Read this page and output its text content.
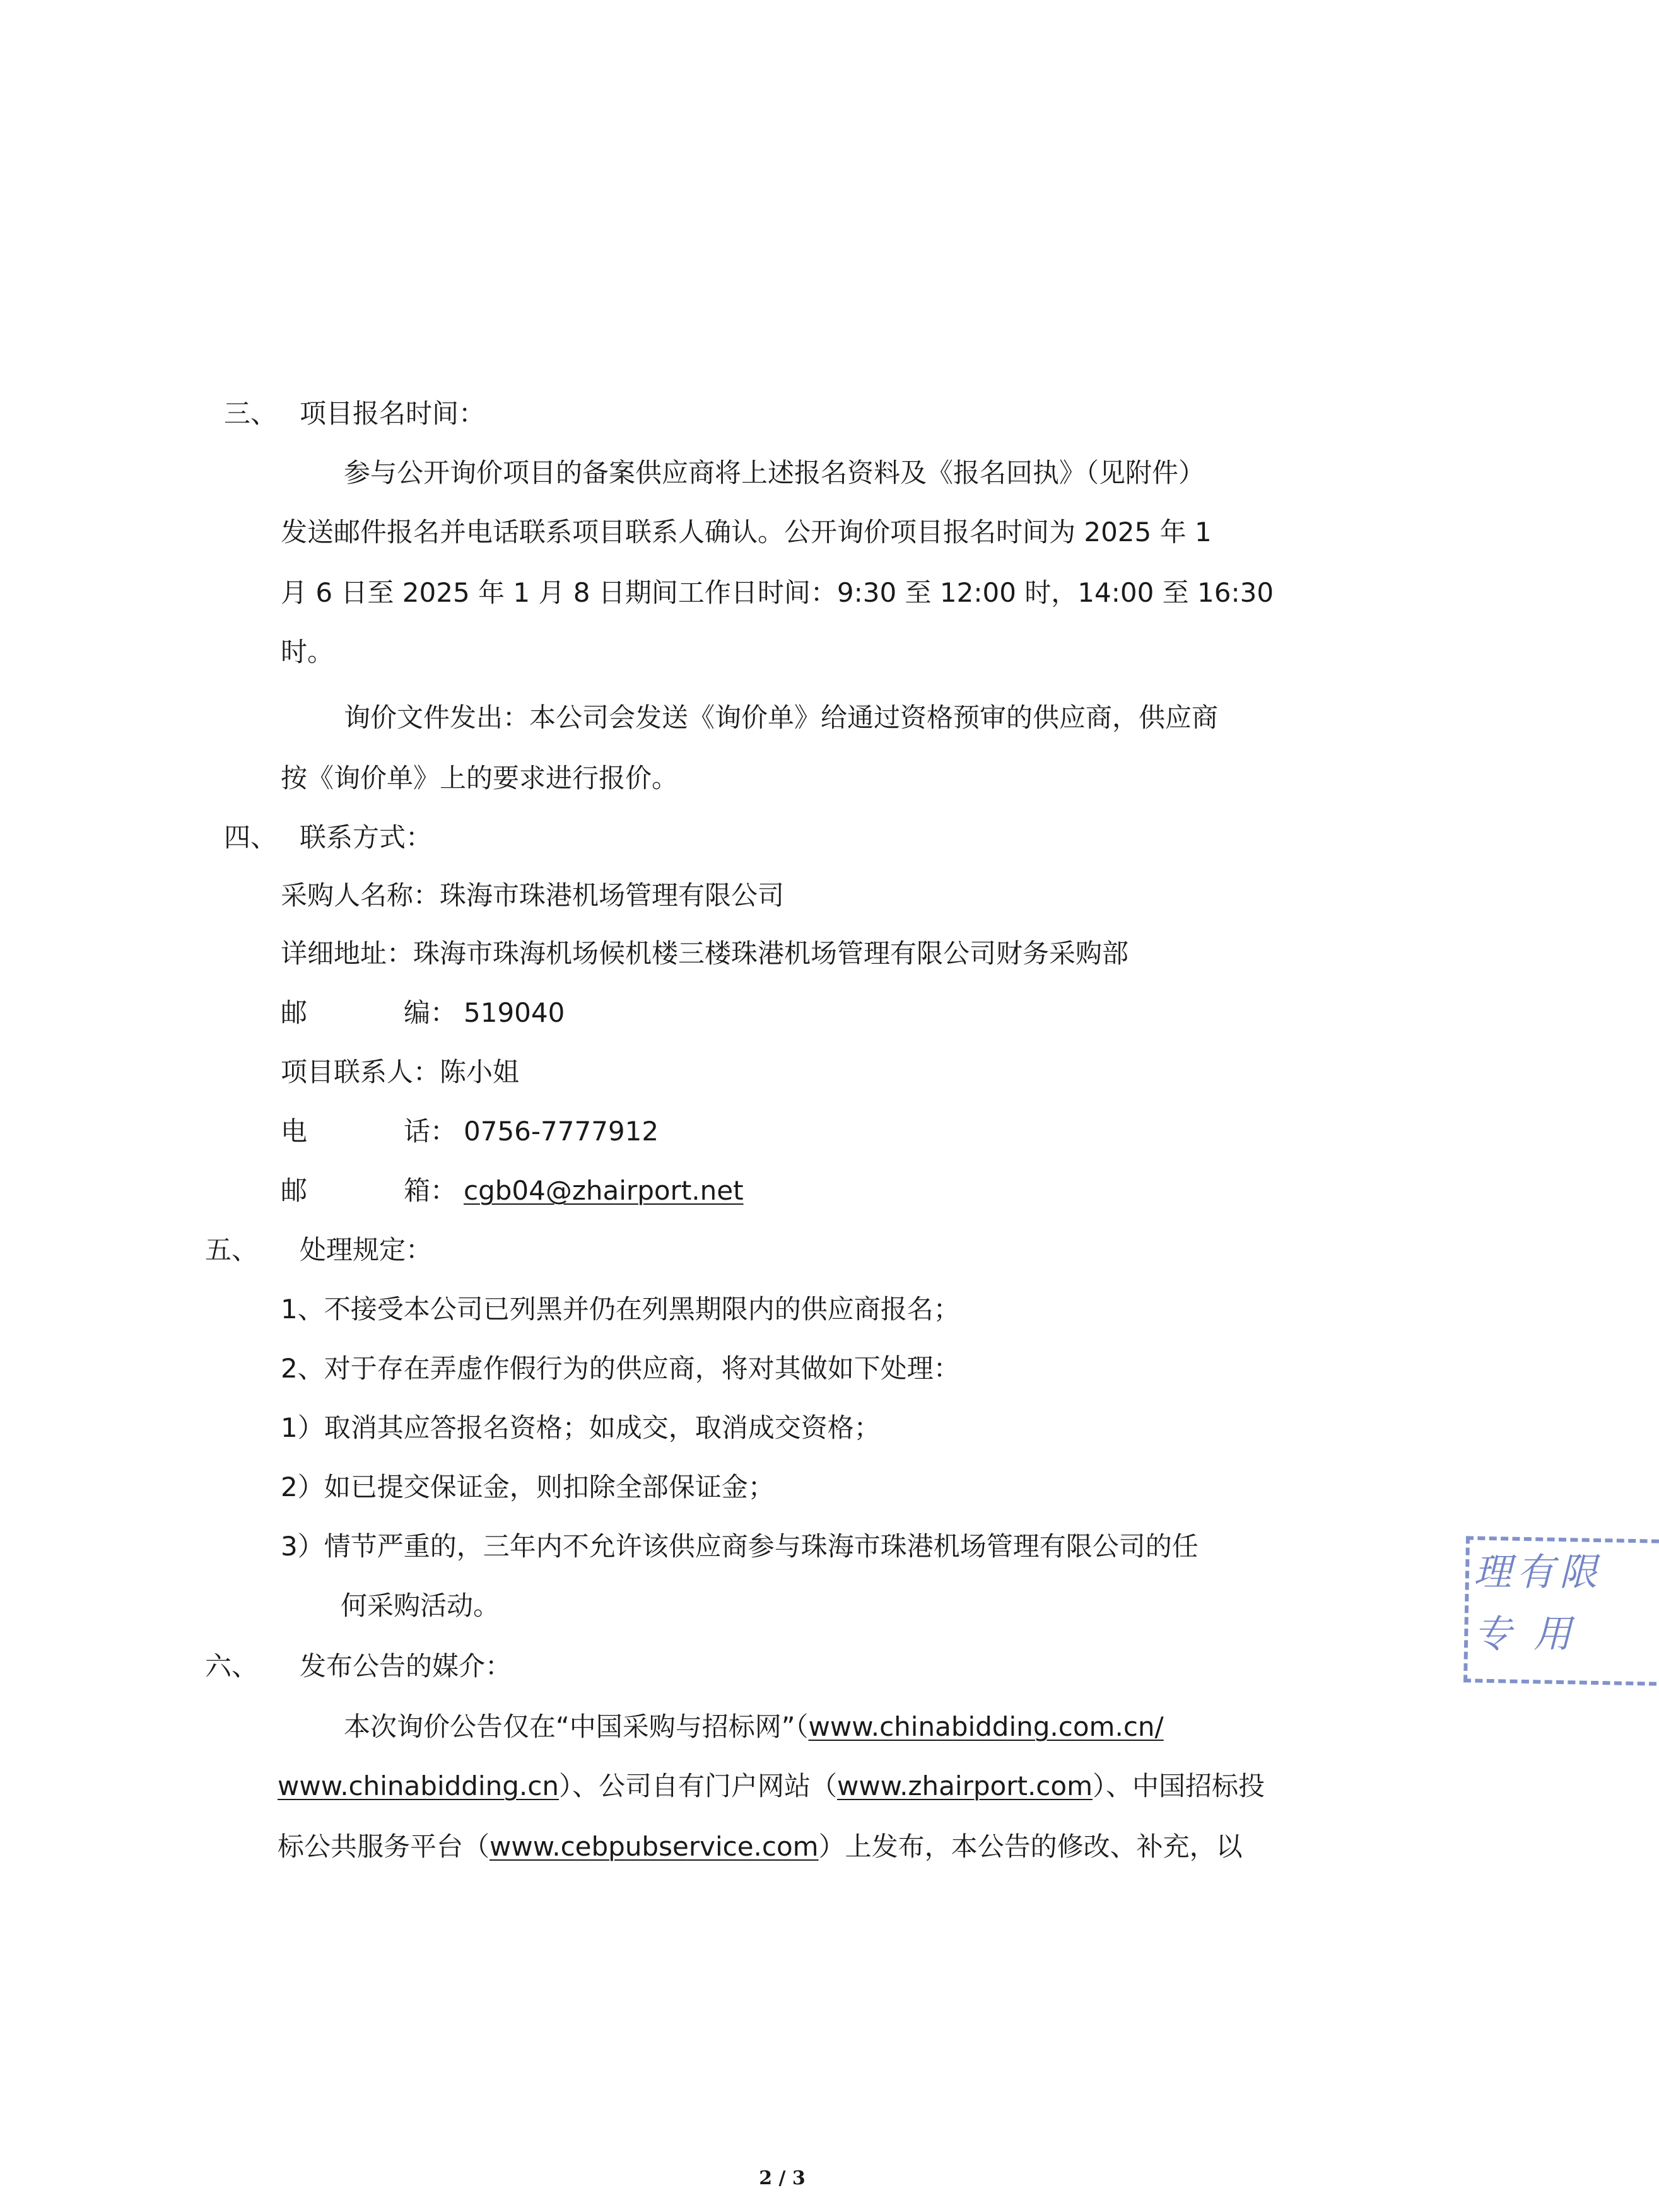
三、 项目报名时间：
参与公开询价项目的备案供应商将上述报名资料及《报名回执》（见附件）
发送邮件报名并电话联系项目联系人确认。公开询价项目报名时间为 2025 年 1
月 6 日至 2025 年 1 月 8 日期间工作日时间：9:30 至 12:00 时，14:00 至 16:30
时。
询价文件发出：本公司会发送《询价单》给通过资格预审的供应商，供应商
按《询价单》上的要求进行报价。
四、 联系方式：
采购人名称：珠海市珠港机场管理有限公司
详细地址：珠海市珠海机场候机楼三楼珠港机场管理有限公司财务采购部
邮	编： 519040
项目联系人：陈小姐
电	话： 0756-7777912
邮	箱： cgb04@zhairport.net
五、 处理规定：
1、不接受本公司已列黑并仍在列黑期限内的供应商报名；
2、对于存在弄虚作假行为的供应商，将对其做如下处理：
1）取消其应答报名资格；如成交，取消成交资格；
2）如已提交保证金，则扣除全部保证金；
3）情节严重的，三年内不允许该供应商参与珠海市珠港机场管理有限公司的任
何采购活动。
六、 发布公告的媒介：
本次询价公告仅在“中国采购与招标网”（www.chinabidding.com.cn/
www.chinabidding.cn）、公司自有门户网站（www.zhairport.com）、中国招标投
标公共服务平台（www.cebpubservice.com）上发布，本公告的修改、补充，以
理有限
专 用
2 / 3
